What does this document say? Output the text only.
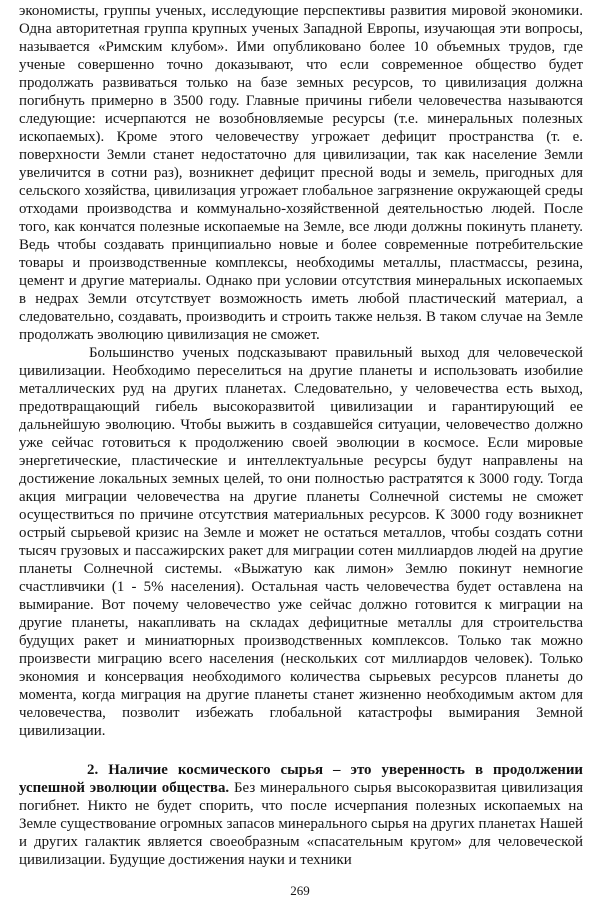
экономисты, группы ученых, исследующие перспективы развития мировой экономики. Одна авторитетная группа крупных ученых Западной Европы, изучающая эти вопросы, называется «Римским клубом». Ими опубликовано более 10 объемных трудов, где ученые совершенно точно доказывают, что если современное общество будет продолжать развиваться только на базе земных ресурсов, то цивилизация должна погибнуть примерно в 3500 году. Главные причины гибели человечества называются следующие: исчерпаются не возобновляемые ресурсы (т.е. минеральных полезных ископаемых). Кроме этого человечеству угрожает дефицит пространства (т. е. поверхности Земли станет недостаточно для цивилизации, так как население Земли увеличится в сотни раз), возникнет дефицит пресной воды и земель, пригодных для сельского хозяйства, цивилизация угрожает глобальное загрязнение окружающей среды отходами производства и коммунально-хозяйственной деятельностью людей. После того, как кончатся полезные ископаемые на Земле, все люди должны покинуть планету. Ведь чтобы создавать принципиально новые и более современные потребительские товары и производственные комплексы, необходимы металлы, пластмассы, резина, цемент и другие материалы. Однако при условии отсутствия минеральных ископаемых в недрах Земли отсутствует возможность иметь любой пластический материал, а следовательно, создавать, производить и строить также нельзя. В таком случае на Земле продолжать эволюцию цивилизация не сможет.

Большинство ученых подсказывают правильный выход для человеческой цивилизации. Необходимо переселиться на другие планеты и использовать изобилие металлических руд на других планетах. Следовательно, у человечества есть выход, предотвращающий гибель высокоразвитой цивилизации и гарантирующий ее дальнейшую эволюцию. Чтобы выжить в создавшейся ситуации, человечество должно уже сейчас готовиться к продолжению своей эволюции в космосе. Если мировые энергетические, пластические и интеллектуальные ресурсы будут направлены на достижение локальных земных целей, то они полностью растратятся к 3000 году. Тогда акция миграции человечества на другие планеты Солнечной системы не сможет осуществиться по причине отсутствия материальных ресурсов. К 3000 году возникнет острый сырьевой кризис на Земле и может не остаться металлов, чтобы создать сотни тысяч грузовых и пассажирских ракет для миграции сотен миллиардов людей на другие планеты Солнечной системы. «Выжатую как лимон» Землю покинут немногие счастливчики (1 - 5% населения). Остальная часть человечества будет оставлена на вымирание. Вот почему человечество уже сейчас должно готовится к миграции на другие планеты, накапливать на складах дефицитные металлы для строительства будущих ракет и миниатюрных производственных комплексов. Только так можно произвести миграцию всего населения (нескольких сот миллиардов человек). Только экономия и консервация необходимого количества сырьевых ресурсов планеты до момента, когда миграция на другие планеты станет жизненно необходимым актом для человечества, позволит избежать глобальной катастрофы вымирания Земной цивилизации.

2. Наличие космического сырья – это уверенность в продолжении успешной эволюции общества. Без минерального сырья высокоразвитая цивилизация погибнет. Никто не будет спорить, что после исчерпания полезных ископаемых на Земле существование огромных запасов минерального сырья на других планетах Нашей и других галактик является своеобразным «спасательным кругом» для человеческой цивилизации. Будущие достижения науки и техники

269
